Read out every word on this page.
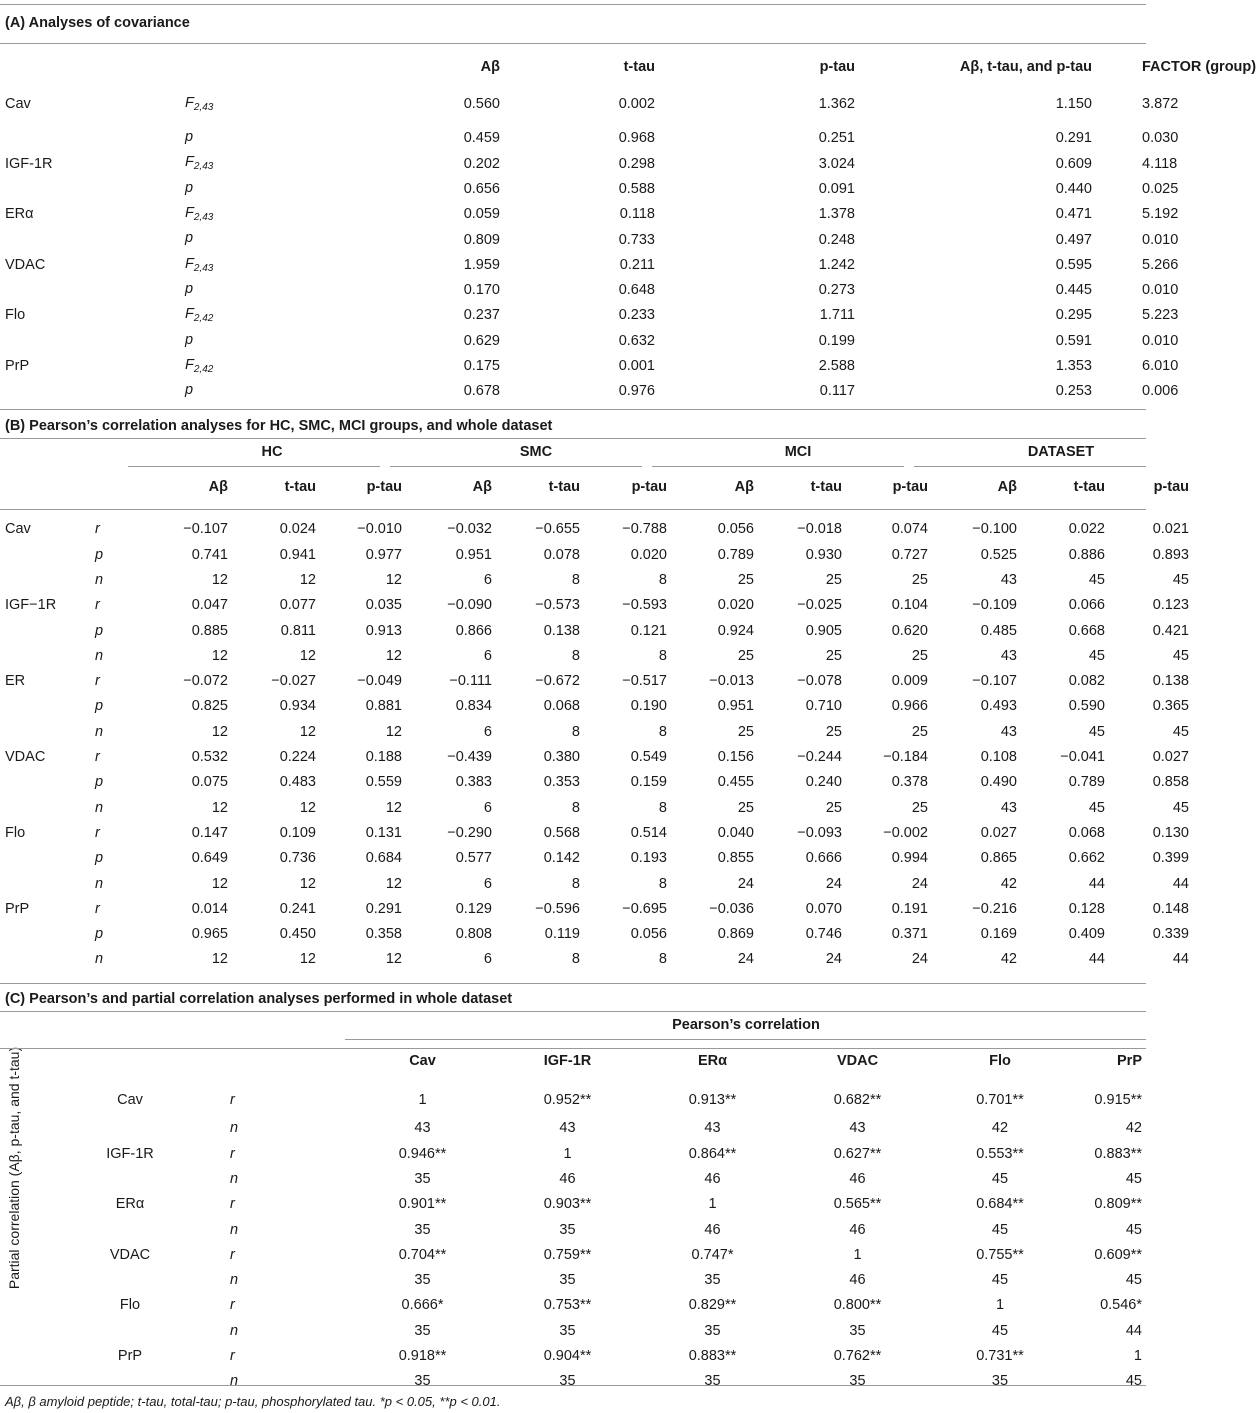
(A) Analyses of covariance
			Aβ	t-tau	p-tau	Aβ, t-tau, and p-tau	FACTOR (group)	
	Cav	$F_{2,43}$	0.560	0.002	1.362	1.150	3.872	
		p	0.459	0.968	0.251	0.291	0.030	
	IGF-1R	$F_{2,43}$	0.202	0.298	3.024	0.609	4.118	
		p	0.656	0.588	0.091	0.440	0.025	
	ERα	$F_{2,43}$	0.059	0.118	1.378	0.471	5.192	
		p	0.809	0.733	0.248	0.497	0.010	
	VDAC	$F_{2,43}$	1.959	0.211	1.242	0.595	5.266	
		p	0.170	0.648	0.273	0.445	0.010	
	Flo	$F_{2,42}$	0.237	0.233	1.711	0.295	5.223	
		p	0.629	0.632	0.199	0.591	0.010	
	PrP	$F_{2,42}$	0.175	0.001	2.588	1.353	6.010	
		p	0.678	0.976	0.117	0.253	0.006	
(B) Pearson’s correlation analyses for HC, SMC, MCI groups, and whole dataset
				HC			SMC			MCI			DATASET		
			Aβ	t-tau	p-tau	Aβ	t-tau	p-tau	Aβ	t-tau	p-tau	Aβ	t-tau	p-tau	

	Cav	r	−0.107	0.024	−0.010	−0.032	−0.655	−0.788	0.056	−0.018	0.074	−0.100	0.022	0.021	
		p	0.741	0.941	0.977	0.951	0.078	0.020	0.789	0.930	0.727	0.525	0.886	0.893	
		n	12	12	12	6	8	8	25	25	25	43	45	45	
	IGF−1R	r	0.047	0.077	0.035	−0.090	−0.573	−0.593	0.020	−0.025	0.104	−0.109	0.066	0.123	
		p	0.885	0.811	0.913	0.866	0.138	0.121	0.924	0.905	0.620	0.485	0.668	0.421	
		n	12	12	12	6	8	8	25	25	25	43	45	45	
	ER	r	−0.072	−0.027	−0.049	−0.111	−0.672	−0.517	−0.013	−0.078	0.009	−0.107	0.082	0.138	
		p	0.825	0.934	0.881	0.834	0.068	0.190	0.951	0.710	0.966	0.493	0.590	0.365	
		n	12	12	12	6	8	8	25	25	25	43	45	45	
	VDAC	r	0.532	0.224	0.188	−0.439	0.380	0.549	0.156	−0.244	−0.184	0.108	−0.041	0.027	
		p	0.075	0.483	0.559	0.383	0.353	0.159	0.455	0.240	0.378	0.490	0.789	0.858	
		n	12	12	12	6	8	8	25	25	25	43	45	45	
	Flo	r	0.147	0.109	0.131	−0.290	0.568	0.514	0.040	−0.093	−0.002	0.027	0.068	0.130	
		p	0.649	0.736	0.684	0.577	0.142	0.193	0.855	0.666	0.994	0.865	0.662	0.399	
		n	12	12	12	6	8	8	24	24	24	42	44	44	
	PrP	r	0.014	0.241	0.291	0.129	−0.596	−0.695	−0.036	0.070	0.191	−0.216	0.128	0.148	
		p	0.965	0.450	0.358	0.808	0.119	0.056	0.869	0.746	0.371	0.169	0.409	0.339	
		n	12	12	12	6	8	8	24	24	24	42	44	44	
(C) Pearson’s and partial correlation analyses performed in whole dataset
Partial correlation (Aβ, p-tau, and t-tau)
			Pearson’s correlation						
			Cav	IGF-1R	ERα	VDAC	Flo	PrP	
	Cav	r	1	0.952**	0.913**	0.682**	0.701**	0.915**	
		n	43	43	43	43	42	42	
	IGF-1R	r	0.946**	1	0.864**	0.627**	0.553**	0.883**	
		n	35	46	46	46	45	45	
	ERα	r	0.901**	0.903**	1	0.565**	0.684**	0.809**	
		n	35	35	46	46	45	45	
	VDAC	r	0.704**	0.759**	0.747*	1	0.755**	0.609**	
		n	35	35	35	46	45	45	
	Flo	r	0.666*	0.753**	0.829**	0.800**	1	0.546*	
		n	35	35	35	35	45	44	
	PrP	r	0.918**	0.904**	0.883**	0.762**	0.731**	1	
		n	35	35	35	35	35	45	
Aβ, β amyloid peptide; t-tau, total-tau; p-tau, phosphorylated tau. *p < 0.05, **p < 0.01.
